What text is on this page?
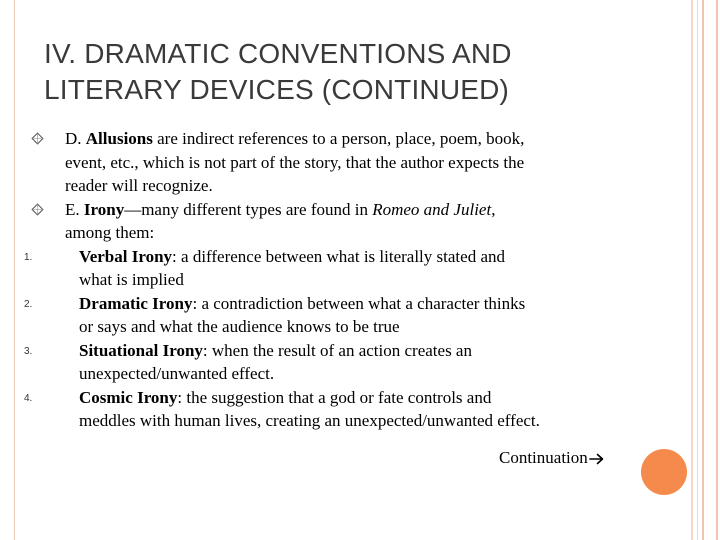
IV. DRAMATIC CONVENTIONS AND
LITERARY DEVICES (CONTINUED)
D. Allusions are indirect references to a person, place, poem, book,
event, etc., which is not part of the story, that the author expects the
reader will recognize.
E. Irony—many different types are found in Romeo and Juliet,
among them:
1.	Verbal Irony: a difference between what is literally stated and
what is implied
2.	Dramatic Irony: a contradiction between what a character thinks
or says and what the audience knows to be true
3.	Situational Irony: when the result of an action creates an
unexpected/unwanted effect.
4.	Cosmic Irony: the suggestion that a god or fate controls and
meddles with human lives, creating an unexpected/unwanted effect.
Continuation
